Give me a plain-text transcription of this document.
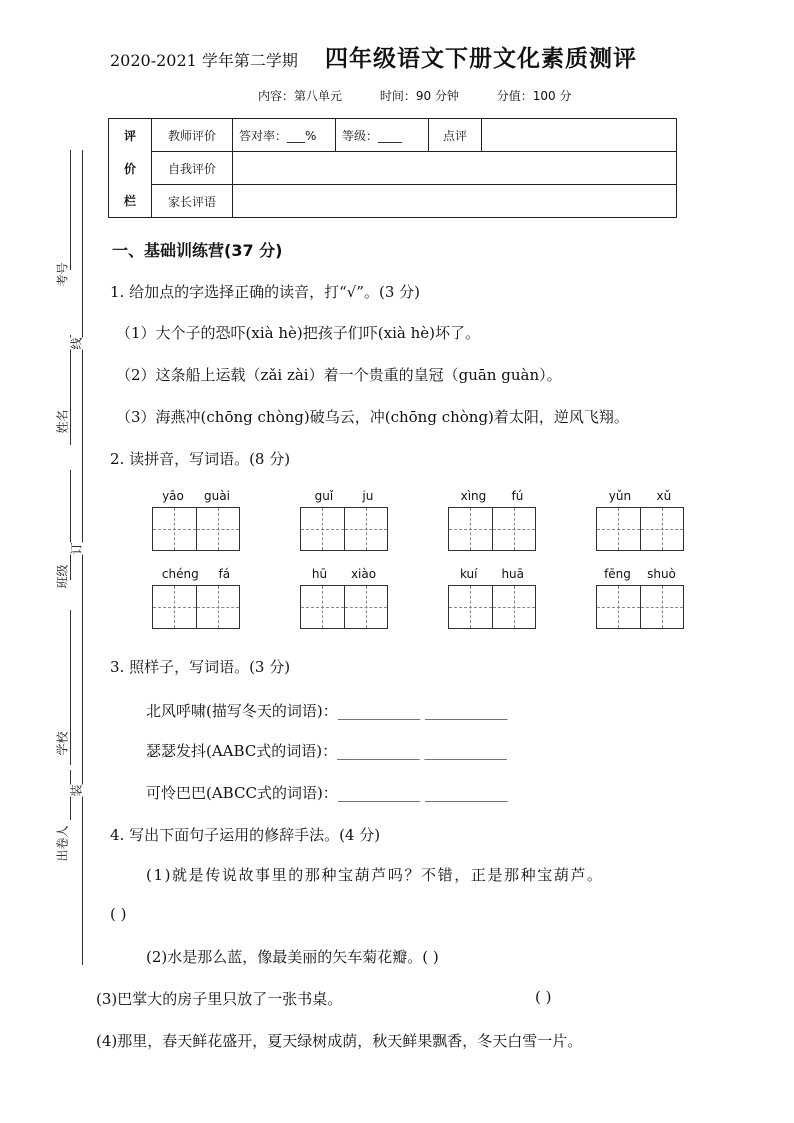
2020-2021 学年第二学期 四年级语文下册文化素质测评
内容：第八单元	时间：90 分钟	分值：100 分
评	教师评价	答对率：___%	等级：____	点评	
价	自我评价				
栏	家长评语				
考号
姓名
班级
学校
出卷人
线
订
装
一、基础训练营(37 分)
1. 给加点的字选择正确的读音，打“√”。(3 分)
（1）大个子的恐吓(xià hè)把孩子们吓(xià hè)坏了。
（2）这条船上运载（zǎi zài）着一个贵重的皇冠（guān guàn）。
（3）海燕冲(chōng chòng)破乌云，冲(chōng chòng)着太阳，逆风飞翔。
2. 读拼音，写词语。(8 分)
yāo guài	guǐ ju	xìng fú	yǔn xǔ
chéng fá	hū xiào	kuí huā	fēng shuò
3. 照样子，写词语。(3 分)
北风呼啸(描写冬天的词语)：___________ ___________
瑟瑟发抖(AABC式的词语)：___________ ___________
可怜巴巴(ABCC式的词语)：___________ ___________
4. 写出下面句子运用的修辞手法。(4 分)
(1)就是传说故事里的那种宝葫芦吗？不错，正是那种宝葫芦。
( )
(2)水是那么蓝，像最美丽的矢车菊花瓣。( )
(3)巴掌大的房子里只放了一张书桌。	( )
(4)那里，春天鲜花盛开，夏天绿树成荫，秋天鲜果飘香，冬天白雪一片。
